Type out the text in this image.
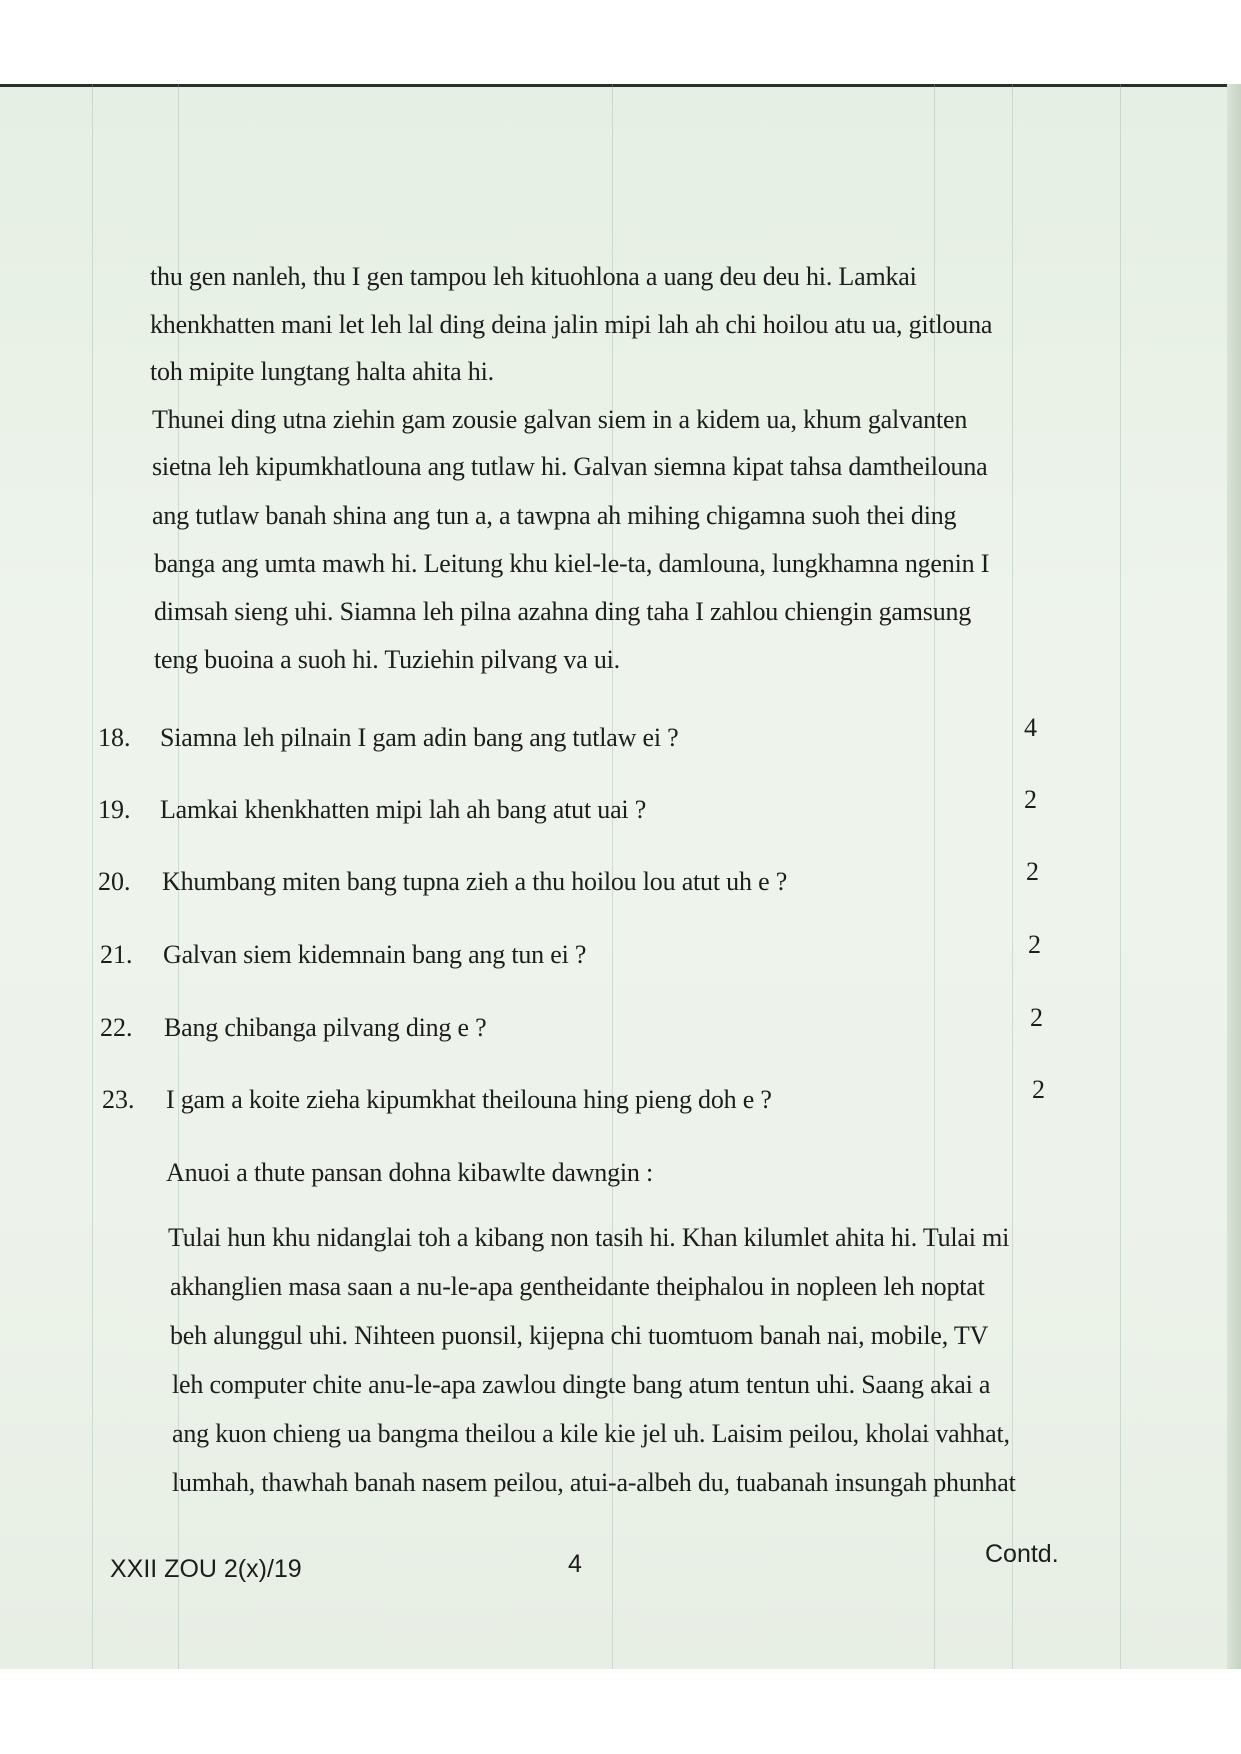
thu gen nanleh, thu I gen tampou leh kituohlona a uang deu deu hi. Lamkai
khenkhatten mani let leh lal ding deina jalin mipi lah ah chi hoilou atu ua, gitlouna
toh mipite lungtang halta ahita hi.
Thunei ding utna ziehin gam zousie galvan siem in a kidem ua, khum galvanten
sietna leh kipumkhatlouna ang tutlaw hi. Galvan siemna kipat tahsa damtheilouna
ang tutlaw banah shina ang tun a, a tawpna ah mihing chigamna suoh thei ding
banga ang umta mawh hi. Leitung khu kiel-le-ta, damlouna, lungkhamna ngenin I
dimsah sieng uhi. Siamna leh pilna azahna ding taha I zahlou chiengin gamsung
teng buoina a suoh hi. Tuziehin pilvang va ui.
18. Siamna leh pilnain I gam adin bang ang tutlaw ei ?	4
19. Lamkai khenkhatten mipi lah ah bang atut uai ?	2
20. Khumbang miten bang tupna zieh a thu hoilou lou atut uh e ?	2
21. Galvan siem kidemnain bang ang tun ei ?	2
22. Bang chibanga pilvang ding e ?	2
23. I gam a koite zieha kipumkhat theilouna hing pieng doh e ?	2
Anuoi a thute pansan dohna kibawlte dawngin :
Tulai hun khu nidanglai toh a kibang non tasih hi. Khan kilumlet ahita hi. Tulai mi
akhanglien masa saan a nu-le-apa gentheidante theiphalou in nopleen leh noptat
beh alunggul uhi. Nihteen puonsil, kijepna chi tuomtuom banah nai, mobile, TV
leh computer chite anu-le-apa zawlou dingte bang atum tentun uhi. Saang akai a
ang kuon chieng ua bangma theilou a kile kie jel uh. Laisim peilou, kholai vahhat,
lumhah, thawhah banah nasem peilou, atui-a-albeh du, tuabanah insungah phunhat
XXII ZOU 2(x)/19	4	Contd.
